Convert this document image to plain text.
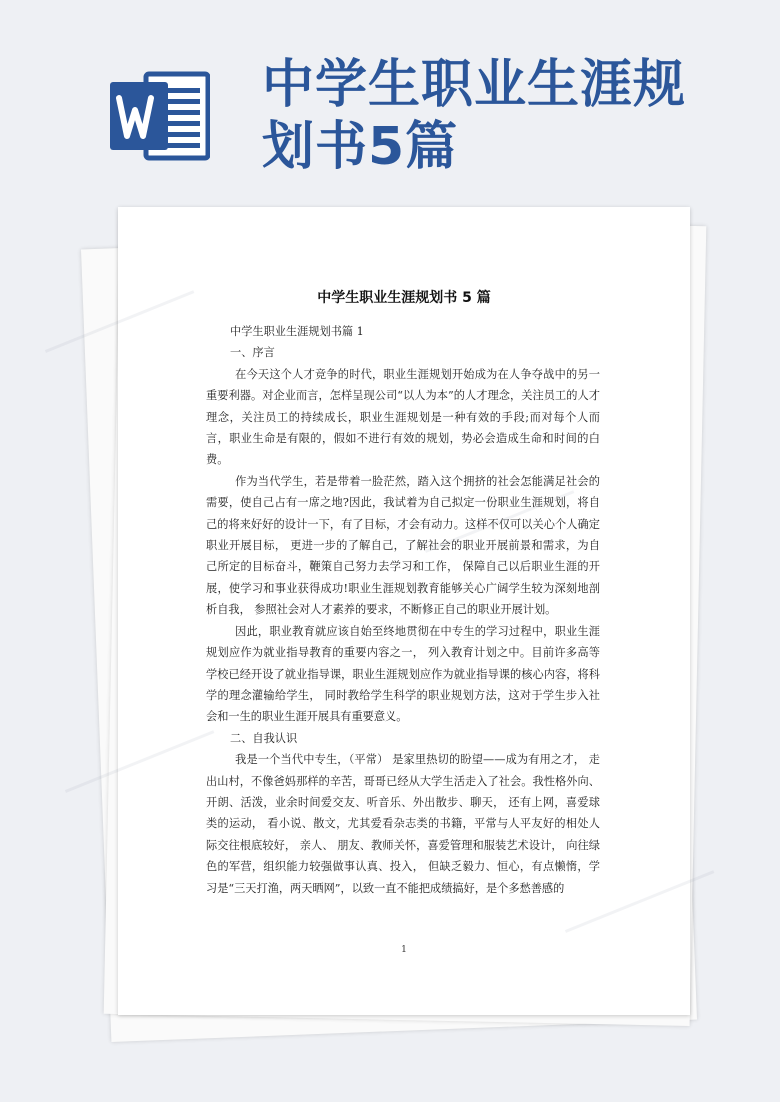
中学生职业生涯规划书5篇
中学生职业生涯规划书 5 篇

中学生职业生涯规划书篇 1

一、序言

在今天这个人才竞争的时代，职业生涯规划开始成为在人争夺战中的另一重要利器。对企业而言，怎样呈现公司“以人为本”的人才理念，关注员工的人才理念，关注员工的持续成长，职业生涯规划是一种有效的手段;而对每个人而言，职业生命是有限的，假如不进行有效的规划，势必会造成生命和时间的白费。

作为当代学生，若是带着一脸茫然，踏入这个拥挤的社会怎能满足社会的需要，使自己占有一席之地?因此，我试着为自己拟定一份职业生涯规划，将自己的将来好好的设计一下，有了目标，才会有动力。这样不仅可以关心个人确定职业开展目标， 更进一步的了解自己，了解社会的职业开展前景和需求，为自己所定的目标奋斗，鞭策自己努力去学习和工作， 保障自己以后职业生涯的开展，使学习和事业获得成功!职业生涯规划教育能够关心广阔学生较为深刻地剖析自我， 参照社会对人才素养的要求，不断修正自己的职业开展计划。

因此，职业教育就应该自始至终地贯彻在中专生的学习过程中，职业生涯规划应作为就业指导教育的重要内容之一， 列入教育计划之中。目前许多高等学校已经开设了就业指导课，职业生涯规划应作为就业指导课的核心内容，将科学的理念灌输给学生， 同时教给学生科学的职业规划方法，这对于学生步入社会和一生的职业生涯开展具有重要意义。

二、自我认识

我是一个当代中专生，（平常） 是家里热切的盼望——成为有用之才， 走出山村，不像爸妈那样的辛苦，哥哥已经从大学生活走入了社会。我性格外向、开朗、活泼，业余时间爱交友、听音乐、外出散步、聊天， 还有上网，喜爱球类的运动， 看小说、散文，尤其爱看杂志类的书籍，平常与人平友好的相处人际交往根底较好， 亲人、 朋友、教师关怀，喜爱管理和服装艺术设计， 向往绿色的军营，组织能力较强做事认真、投入， 但缺乏毅力、恒心，有点懒惰，学习是“三天打渔，两天晒网”，以致一直不能把成绩搞好，是个多愁善感的

1
